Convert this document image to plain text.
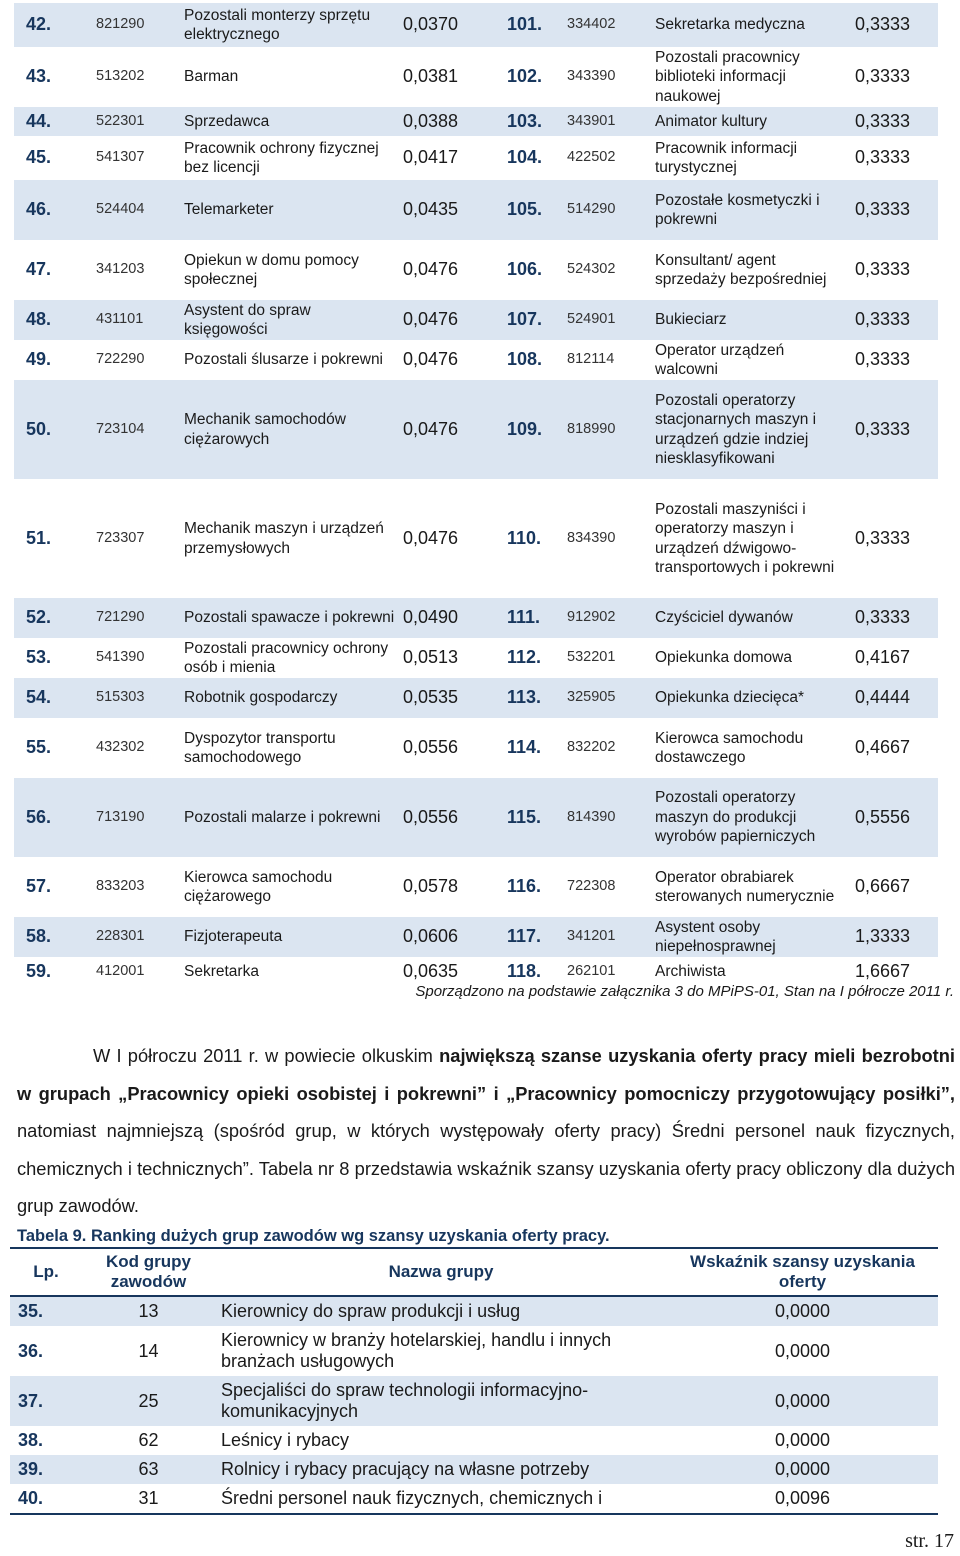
42.	821290	Pozostali monterzy sprzętu elektrycznego	0,0370	101.	334402	Sekretarka medyczna	0,3333
43.	513202	Barman	0,0381	102.	343390	Pozostali pracownicy biblioteki informacji naukowej	0,3333
44.	522301	Sprzedawca	0,0388	103.	343901	Animator kultury	0,3333
45.	541307	Pracownik ochrony fizycznej bez licencji	0,0417	104.	422502	Pracownik informacji turystycznej	0,3333
46.	524404	Telemarketer	0,0435	105.	514290	Pozostałe kosmetyczki i pokrewni	0,3333
47.	341203	Opiekun w domu pomocy społecznej	0,0476	106.	524302	Konsultant/ agent sprzedaży bezpośredniej	0,3333
48.	431101	Asystent do spraw księgowości	0,0476	107.	524901	Bukieciarz	0,3333
49.	722290	Pozostali ślusarze i pokrewni	0,0476	108.	812114	Operator urządzeń walcowni	0,3333
50.	723104	Mechanik samochodów ciężarowych	0,0476	109.	818990	Pozostali operatorzy stacjonarnych maszyn i urządzeń gdzie indziej niesklasyfikowani	0,3333
51.	723307	Mechanik maszyn i urządzeń przemysłowych	0,0476	110.	834390	Pozostali maszyniści i operatorzy maszyn i urządzeń dźwigowo-transportowych i pokrewni	0,3333
52.	721290	Pozostali spawacze i pokrewni	0,0490	111.	912902	Czyściciel dywanów	0,3333
53.	541390	Pozostali pracownicy ochrony osób i mienia	0,0513	112.	532201	Opiekunka domowa	0,4167
54.	515303	Robotnik gospodarczy	0,0535	113.	325905	Opiekunka dziecięca*	0,4444
55.	432302	Dyspozytor transportu samochodowego	0,0556	114.	832202	Kierowca samochodu dostawczego	0,4667
56.	713190	Pozostali malarze i pokrewni	0,0556	115.	814390	Pozostali operatorzy maszyn do produkcji wyrobów papierniczych	0,5556
57.	833203	Kierowca samochodu ciężarowego	0,0578	116.	722308	Operator obrabiarek sterowanych numerycznie	0,6667
58.	228301	Fizjoterapeuta	0,0606	117.	341201	Asystent osoby niepełnosprawnej	1,3333
59.	412001	Sekretarka	0,0635	118.	262101	Archiwista	1,6667
Sporządzono na podstawie załącznika 3 do MPiPS-01, Stan na I półrocze 2011 r.

W I półroczu 2011 r. w powiecie olkuskim największą szanse uzyskania oferty pracy mieli bezrobotni w grupach „Pracownicy opieki osobistej i pokrewni” i „Pracownicy pomocniczy przygotowujący posiłki”, natomiast najmniejszą (spośród grup, w których występowały oferty pracy) Średni personel nauk fizycznych, chemicznych i technicznych”. Tabela nr 8 przedstawia wskaźnik szansy uzyskania oferty pracy obliczony dla dużych grup zawodów.

Tabela 9. Ranking dużych grup zawodów wg szansy uzyskania oferty pracy.
Lp.	Kod grupy zawodów	Nazwa grupy	Wskaźnik szansy uzyskania oferty
35.	13	Kierownicy do spraw produkcji i usług	0,0000
36.	14	Kierownicy w branży hotelarskiej, handlu i innych branżach usługowych	0,0000
37.	25	Specjaliści do spraw technologii informacyjno-komunikacyjnych	0,0000
38.	62	Leśnicy i rybacy	0,0000
39.	63	Rolnicy i rybacy pracujący na własne potrzeby	0,0000
40.	31	Średni personel nauk fizycznych, chemicznych i	0,0096
str. 17
